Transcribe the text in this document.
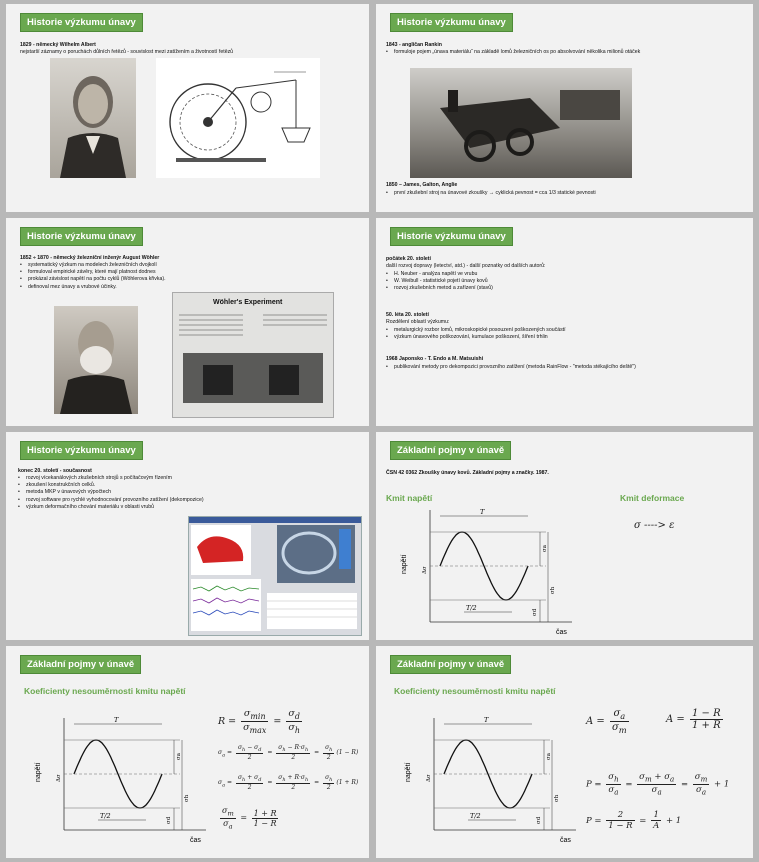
Historie výzkumu únavy
1829 - německý Wilhelm Albert
nejstarší záznamy o poruchách důlních řetězů - souvislost mezi zatížením a životností řetězů
Historie výzkumu únavy
1843 - angličan Rankin
• formuloje pojem „únava materiálu“ na základě lomů železničních os po absolvování několika milionů otáček
1850 – James, Galton, Anglie
• první zkušební stroj na únavové zkoušky → cyklická pevnost = cca 1/3 statické pevnosti
Historie výzkumu únavy
1852 ÷ 1870 - německý železniční inženýr August Wöhler
• systematický výzkum na modelech železničních dvojkolí
• formuloval empirické závěry, které mají platnost dodnes
• prokázal závislost napětí na počtu cyklů (Wöhlerova křivka).
• definoval mez únavy a vrubové účinky.
Wöhler's Experiment
Historie výzkumu únavy
počátek 20. století
další rozvoj dopravy (letectví, atd.) - další poznatky od dalších autorů:
• H. Neuber - analýza napětí ve vrubu
• W. Weibull - statistické pojetí únavy kovů
• rozvoj zkušebních metod a zařízení (stavů)
50. léta 20. století
Rozdělení oblastí výzkumu:
• metalurgický rozbor lomů, mikroskopické posouzení poškozených součástí
• výzkum únavového poškozování, kumulace poškození, šíření trhlin
1968 Japonsko - T. Endo a M. Matsuishi
• publikování metody pro dekompozici provozního zatížení (metoda RainFlow - "metoda stékajícího deště")
Historie výzkumu únavy
konec 20. století - současnost
• rozvoj vícekanálových zkušebních strojů s počítačovým řízením
• zkoušení konstrukčních celků.
• metoda MKP v únavových výpočtech
• rozvoj software pro rychlé vyhodnocování provozního zatížení (dekompozice)
• výzkum deformačního chování materiálu v oblasti vrubů
Základní pojmy v únavě
ČSN 42 0362 Zkoušky únavy kovů. Základní pojmy a značky. 1987.
Kmit napětí	Kmit deformace
σ ----> ε
napětí
čas
T
T/2
Δσ
σa
σh
σd
Základní pojmy v únavě
Koeficienty nesouměrnosti kmitu napětí
napětí
čas
T
T/2
Δσ
σa
σh
σd
$R = \frac{\sigma_{min}}{\sigma_{max}} = \frac{\sigma_d}{\sigma_h}$
$\sigma_a = \frac{\sigma_h - \sigma_d}{2} = \frac{\sigma_h - R\cdot\sigma_h}{2} = \frac{\sigma_h}{2} (1 - R)$
$\sigma_a = \frac{\sigma_h + \sigma_d}{2} = \frac{\sigma_h + R\cdot\sigma_h}{2} = \frac{\sigma_h}{2} (1 + R)$
$\frac{\sigma_m}{\sigma_a} = \frac{1 + R}{1 - R}$
Základní pojmy v únavě
Koeficienty nesouměrnosti kmitu napětí
napětí
čas
T
T/2
Δσ
σa
σh
σd
$A = \frac{\sigma_a}{\sigma_m}$	$A = \frac{1 - R}{1 + R}$
$P = \frac{\sigma_h}{\sigma_a} = \frac{\sigma_m + \sigma_a}{\sigma_a} = \frac{\sigma_m}{\sigma_a} + 1$
$P = \frac{2}{1 - R} = \frac{1}{A} + 1$
